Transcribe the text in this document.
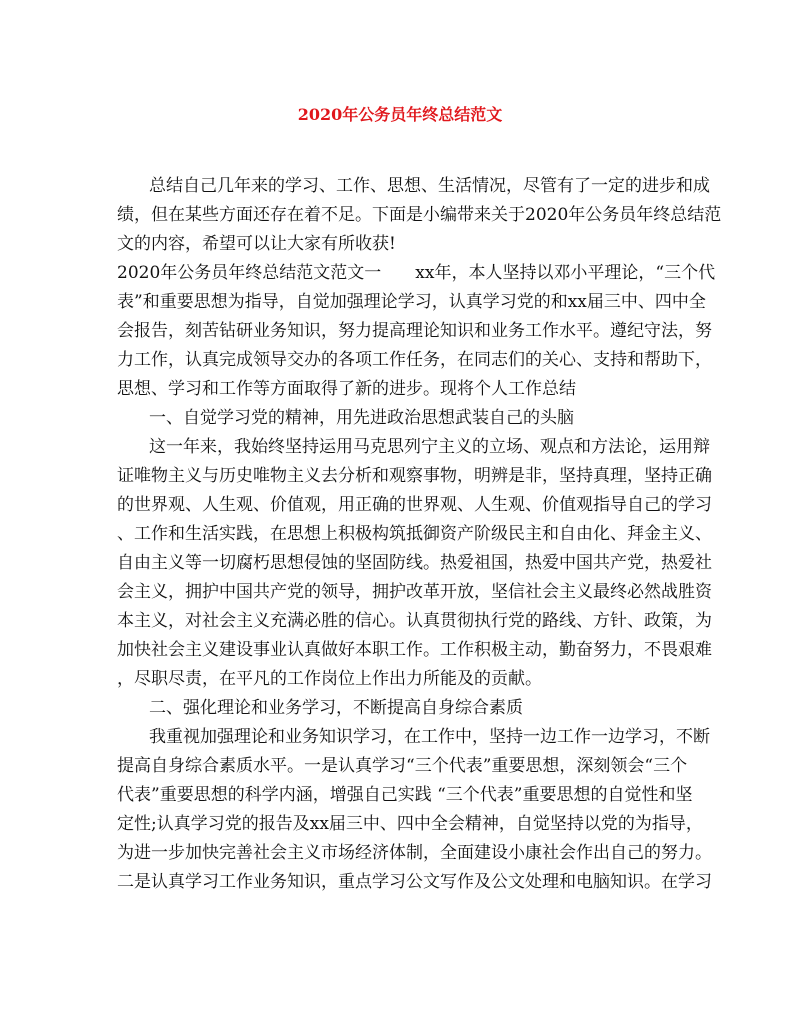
2020年公务员年终总结范文
总结自己几年来的学习、工作、思想、生活情况，尽管有了一定的进步和成
绩，但在某些方面还存在着不足。下面是小编带来关于2020年公务员年终总结范
文的内容，希望可以让大家有所收获!
2020年公务员年终总结范文范文一　　xx年，本人坚持以邓小平理论，“三个代
表”和重要思想为指导，自觉加强理论学习，认真学习党的和xx届三中、四中全
会报告，刻苦钻研业务知识，努力提高理论知识和业务工作水平。遵纪守法，努
力工作，认真完成领导交办的各项工作任务，在同志们的关心、支持和帮助下，
思想、学习和工作等方面取得了新的进步。现将个人工作总结
一、自觉学习党的精神，用先进政治思想武装自己的头脑
这一年来，我始终坚持运用马克思列宁主义的立场、观点和方法论，运用辩
证唯物主义与历史唯物主义去分析和观察事物，明辨是非，坚持真理，坚持正确
的世界观、人生观、价值观，用正确的世界观、人生观、价值观指导自己的学习
、工作和生活实践，在思想上积极构筑抵御资产阶级民主和自由化、拜金主义、
自由主义等一切腐朽思想侵蚀的坚固防线。热爱祖国，热爱中国共产党，热爱社
会主义，拥护中国共产党的领导，拥护改革开放，坚信社会主义最终必然战胜资
本主义，对社会主义充满必胜的信心。认真贯彻执行党的路线、方针、政策，为
加快社会主义建设事业认真做好本职工作。工作积极主动，勤奋努力，不畏艰难
，尽职尽责，在平凡的工作岗位上作出力所能及的贡献。
二、强化理论和业务学习，不断提高自身综合素质
我重视加强理论和业务知识学习，在工作中，坚持一边工作一边学习，不断
提高自身综合素质水平。一是认真学习“三个代表”重要思想，深刻领会“三个
代表”重要思想的科学内涵，增强自己实践 “三个代表”重要思想的自觉性和坚
定性;认真学习党的报告及xx届三中、四中全会精神，自觉坚持以党的为指导，
为进一步加快完善社会主义市场经济体制，全面建设小康社会作出自己的努力。
二是认真学习工作业务知识，重点学习公文写作及公文处理和电脑知识。在学习
